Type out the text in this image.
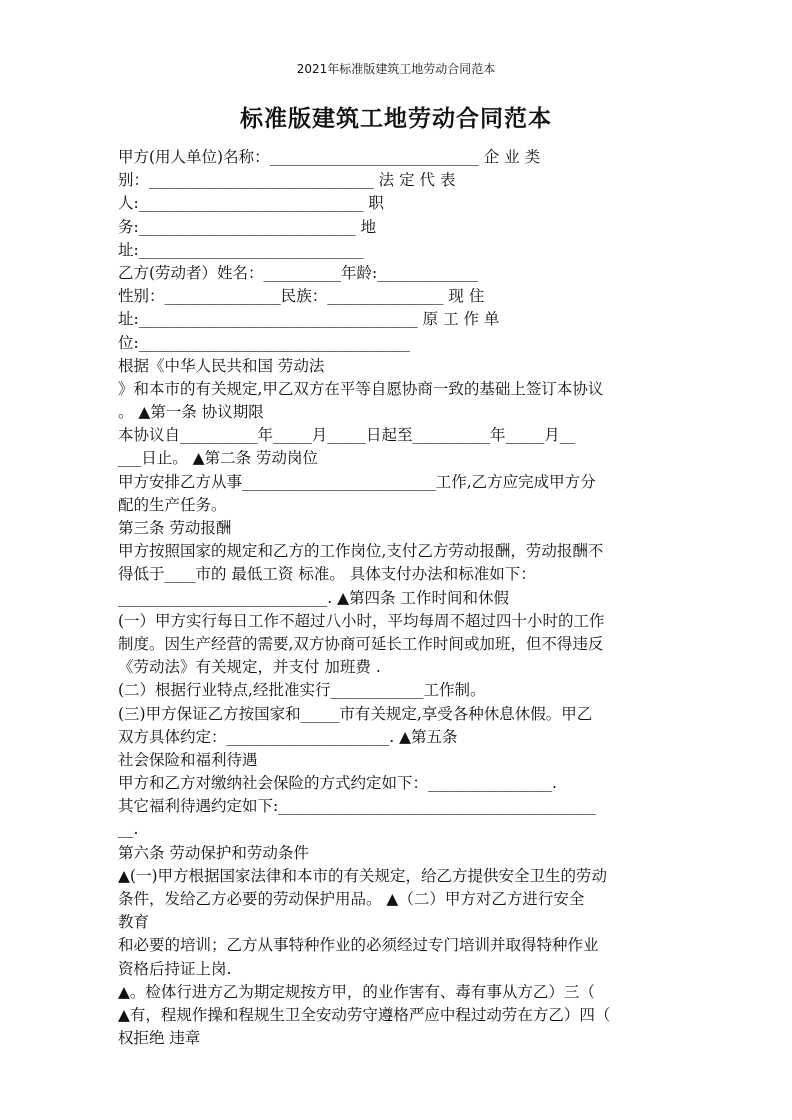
2021年标准版建筑工地劳动合同范本
标准版建筑工地劳动合同范本
甲方(用人单位)名称：___________________________ 企 业 类
别：_____________________________ 法 定 代 表
人:_____________________________ 职
务:____________________________ 地
址:_____________________________
乙方(劳动者）姓名：__________年龄:_____________
性别：_______________民族：_______________ 现 住
址:____________________________________ 原 工 作 单
位:___________________________________
根据《中华人民共和国 劳动法
》和本市的有关规定,甲乙双方在平等自愿协商一致的基础上签订本协议
。 ▲第一条 协议期限
本协议自__________年_____月_____日起至__________年_____月__
___日止。 ▲第二条 劳动岗位
甲方安排乙方从事_________________________工作,乙方应完成甲方分
配的生产任务。
第三条 劳动报酬
甲方按照国家的规定和乙方的工作岗位,支付乙方劳动报酬，劳动报酬不
得低于____市的 最低工资 标准。 具体支付办法和标准如下：
___________________________. ▲第四条 工作时间和休假
(一）甲方实行每日工作不超过八小时，平均每周不超过四十小时的工作
制度。因生产经营的需要,双方协商可延长工作时间或加班，但不得违反
《劳动法》有关规定，并支付 加班费 .
(二）根据行业特点,经批准实行____________工作制。
(三)甲方保证乙方按国家和_____市有关规定,享受各种休息休假。甲乙
双方具体约定：_____________________. ▲第五条
社会保险和福利待遇
甲方和乙方对缴纳社会保险的方式约定如下：________________.
其它福利待遇约定如下:_________________________________________
__.
第六条 劳动保护和劳动条件
▲(一)甲方根据国家法律和本市的有关规定，给乙方提供安全卫生的劳动
条件，发给乙方必要的劳动保护用品。 ▲（二）甲方对乙方进行安全
教育
和必要的培训；乙方从事特种作业的必须经过专门培训并取得特种作业
资格后持证上岗.
▲。检体行进方乙为期定规按方甲，的业作害有、毒有事从方乙）三（
▲有，程规作操和程规生卫全安动劳守遵格严应中程过动劳在方乙）四（
权拒绝 违章
